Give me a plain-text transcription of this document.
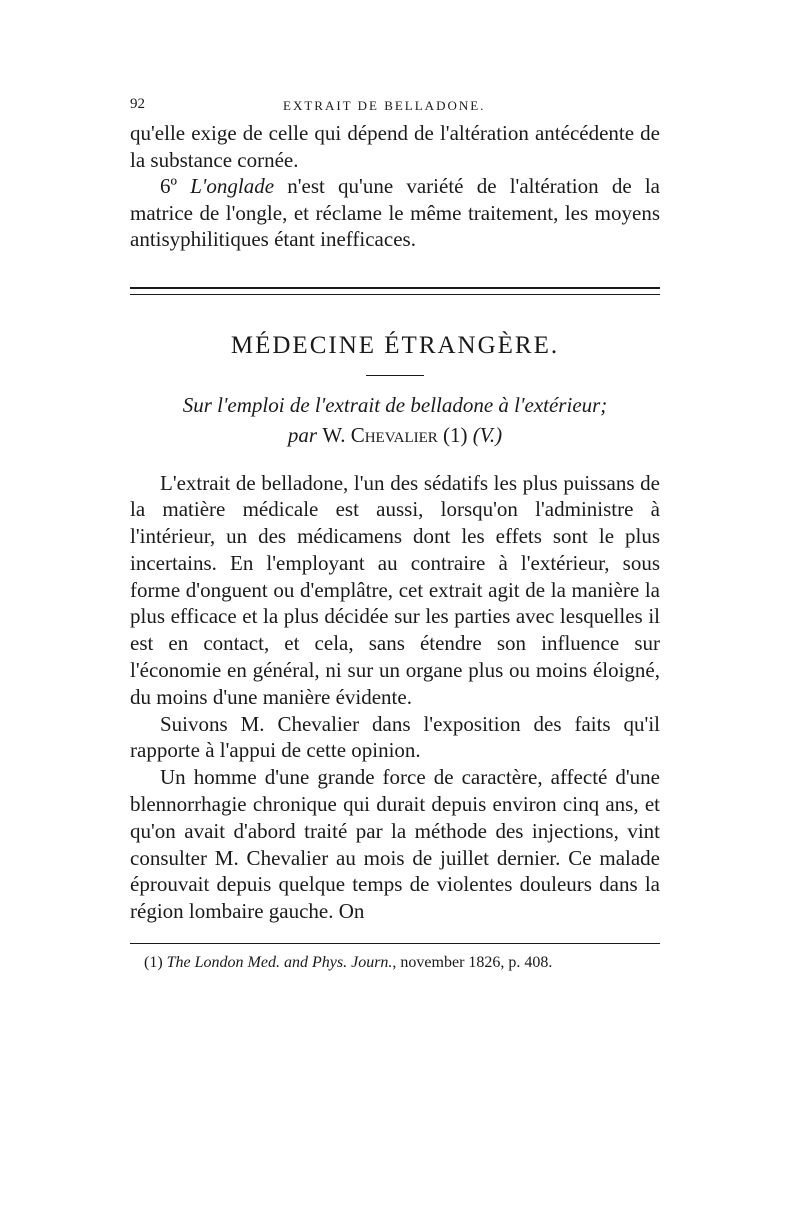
92	EXTRAIT DE BELLADONE.

qu'elle exige de celle qui dépend de l'altération antécédente de la substance cornée.

6º L'onglade n'est qu'une variété de l'altération de la matrice de l'ongle, et réclame le même traitement, les moyens antisyphilitiques étant inefficaces.

MÉDECINE ÉTRANGÈRE.
Sur l'emploi de l'extrait de belladone à l'extérieur;
par W. Chevalier (1) (V.)

L'extrait de belladone, l'un des sédatifs les plus puissans de la matière médicale est aussi, lorsqu'on l'administre à l'intérieur, un des médicamens dont les effets sont le plus incertains. En l'employant au contraire à l'extérieur, sous forme d'onguent ou d'emplâtre, cet extrait agit de la manière la plus efficace et la plus décidée sur les parties avec lesquelles il est en contact, et cela, sans étendre son influence sur l'économie en général, ni sur un organe plus ou moins éloigné, du moins d'une manière évidente.

Suivons M. Chevalier dans l'exposition des faits qu'il rapporte à l'appui de cette opinion.

Un homme d'une grande force de caractère, affecté d'une blennorrhagie chronique qui durait depuis environ cinq ans, et qu'on avait d'abord traité par la méthode des injections, vint consulter M. Chevalier au mois de juillet dernier. Ce malade éprouvait depuis quelque temps de violentes douleurs dans la région lombaire gauche. On

(1) The London Med. and Phys. Journ., november 1826, p. 408.
